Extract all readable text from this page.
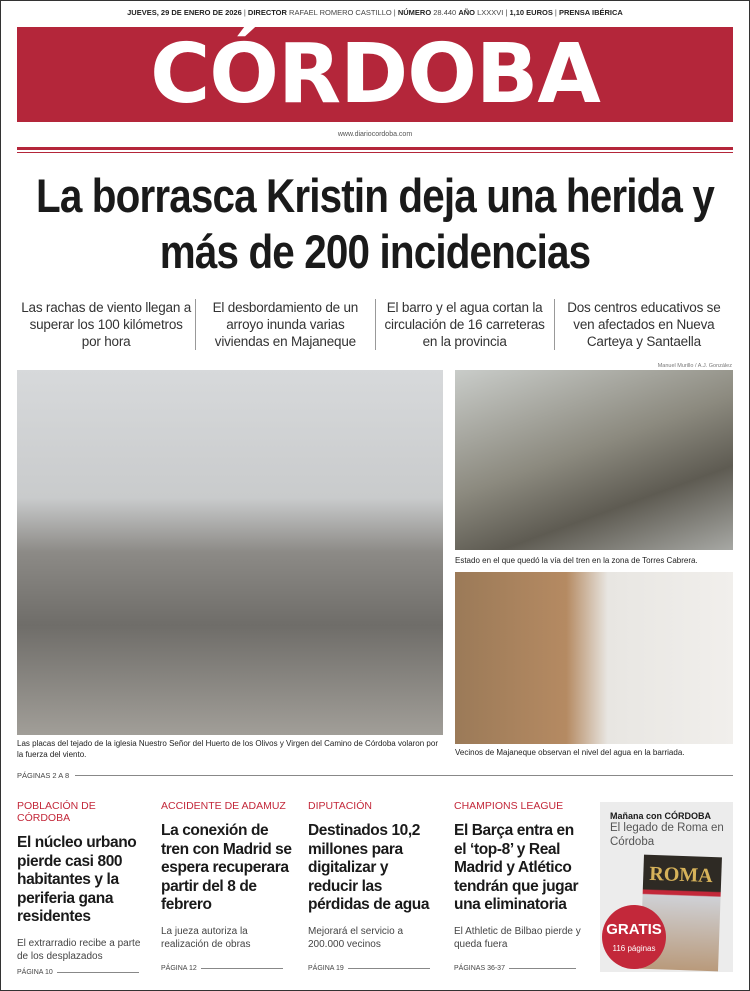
JUEVES, 29 DE ENERO DE 2026 | DIRECTOR RAFAEL ROMERO CASTILLO | NÚMERO 28.440 AÑO LXXXVI | 1,10 EUROS | PRENSA IBÉRICA
CÓRDOBA
www.diariocordoba.com
La borrasca Kristin deja una herida y más de 200 incidencias
Las rachas de viento llegan a superar los 100 kilómetros por hora
El desbordamiento de un arroyo inunda varias viviendas en Majaneque
El barro y el agua cortan la circulación de 16 carreteras en la provincia
Dos centros educativos se ven afectados en Nueva Carteya y Santaella
Manuel Murillo / A.J. González
Las placas del tejado de la iglesia Nuestro Señor del Huerto de los Olivos y Virgen del Camino de Córdoba volaron por la fuerza del viento.
Estado en el que quedó la vía del tren en la zona de Torres Cabrera.
Vecinos de Majaneque observan el nivel del agua en la barriada.
PÁGINAS 2 A 8
POBLACIÓN DE CÓRDOBA
El núcleo urbano pierde casi 800 habitantes y la periferia gana residentes
El extrarradio recibe a parte de los desplazados
PÁGINA 10
ACCIDENTE DE ADAMUZ
La conexión de tren con Madrid se espera recuperara partir del 8 de febrero
La jueza autoriza la realización de obras
PÁGINA 12
DIPUTACIÓN
Destinados 10,2 millones para digitalizar y reducir las pérdidas de agua
Mejorará el servicio a 200.000 vecinos
PÁGINA 19
CHAMPIONS LEAGUE
El Barça entra en el ‘top-8’ y Real Madrid y Atlético tendrán que jugar una eliminatoria
El Athletic de Bilbao pierde y queda fuera
PÁGINAS 36-37
Mañana con CÓRDOBA
El legado de Roma en Córdoba
ROMA
GRATIS
116 páginas
